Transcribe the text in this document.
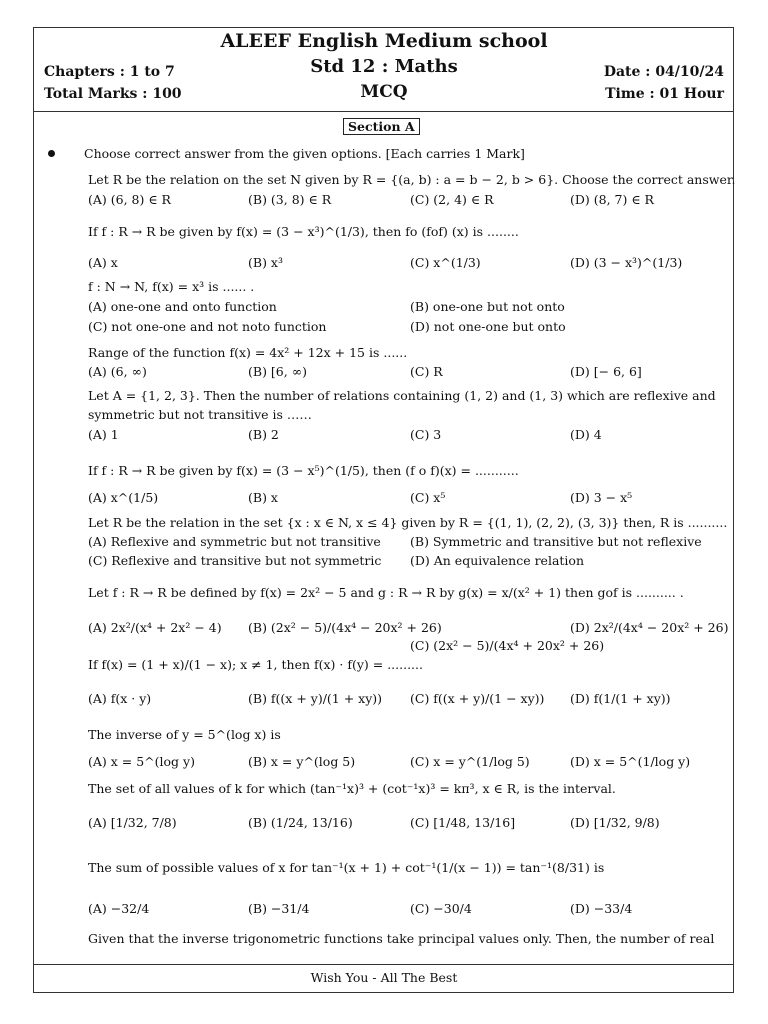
ALEEF English Medium school
Std 12 : Maths
MCQ
Chapters : 1 to 7
Total Marks : 100
Date : 04/10/24
Time : 01 Hour
Section A
Choose correct answer from the given options. [Each carries 1 Mark]
Let R be the relation on the set N given by R = {(a, b) : a = b − 2, b > 6}. Choose the correct answer.
(A) (6, 8) ∈ R	(B) (3, 8) ∈ R	(C) (2, 4) ∈ R	(D) (8, 7) ∈ R
If f : R → R be given by f(x) = (3 − x³)^(1/3), then fo (fof) (x) is ........
(A) x	(B) x³	(C) x^(1/3)	(D) (3 − x³)^(1/3)
f : N → N, f(x) = x³ is ...... .
(A) one-one and onto function	(B) one-one but not onto
(C) not one-one and not noto function	(D) not one-one but onto
Range of the function f(x) = 4x² + 12x + 15 is ......
(A) (6, ∞)	(B) [6, ∞)	(C) R	(D) [− 6, 6]
Let A = {1, 2, 3}. Then the number of relations containing (1, 2) and (1, 3) which are reflexive and
symmetric but not transitive is ……
(A) 1	(B) 2	(C) 3	(D) 4
If f : R → R be given by f(x) = (3 − x⁵)^(1/5), then (f o f)(x) = ...........
(A) x^(1/5)	(B) x	(C) x⁵	(D) 3 − x⁵
Let R be the relation in the set {x : x ∈ N, x ≤ 4} given by R = {(1, 1), (2, 2), (3, 3)} then, R is ..........
(A) Reflexive and symmetric but not transitive (B) Symmetric and transitive but not reflexive
(C) Reflexive and transitive but not symmetric (D) An equivalence relation
Let f : R → R be defined by f(x) = 2x² − 5 and g : R → R by g(x) = x/(x² + 1) then gof is .......... .
(A) 2x²/(x⁴ + 2x² − 4) (B) (2x² − 5)/(4x⁴ − 20x² + 26)
(C) (2x² − 5)/(4x⁴ + 20x² + 26)
(D) 2x²/(4x⁴ − 20x² + 26)
If f(x) = (1 + x)/(1 − x); x ≠ 1, then f(x) · f(y) = .........
(A) f(x · y)	(B) f((x + y)/(1 + xy)) (C) f((x + y)/(1 − xy)) (D) f(1/(1 + xy))
The inverse of y = 5^(log x) is
(A) x = 5^(log y)	(B) x = y^(log 5)	(C) x = y^(1/log 5)	(D) x = 5^(1/log y)
The set of all values of k for which (tan⁻¹x)³ + (cot⁻¹x)³ = kπ³, x ∈ R, is the interval.
(A) [1/32, 7/8)	(B) (1/24, 13/16)	(C) [1/48, 13/16]	(D) [1/32, 9/8)
The sum of possible values of x for tan⁻¹(x + 1) + cot⁻¹(1/(x − 1)) = tan⁻¹(8/31) is
(A) −32/4	(B) −31/4	(C) −30/4	(D) −33/4
Given that the inverse trigonometric functions take principal values only. Then, the number of real
Wish You - All The Best
